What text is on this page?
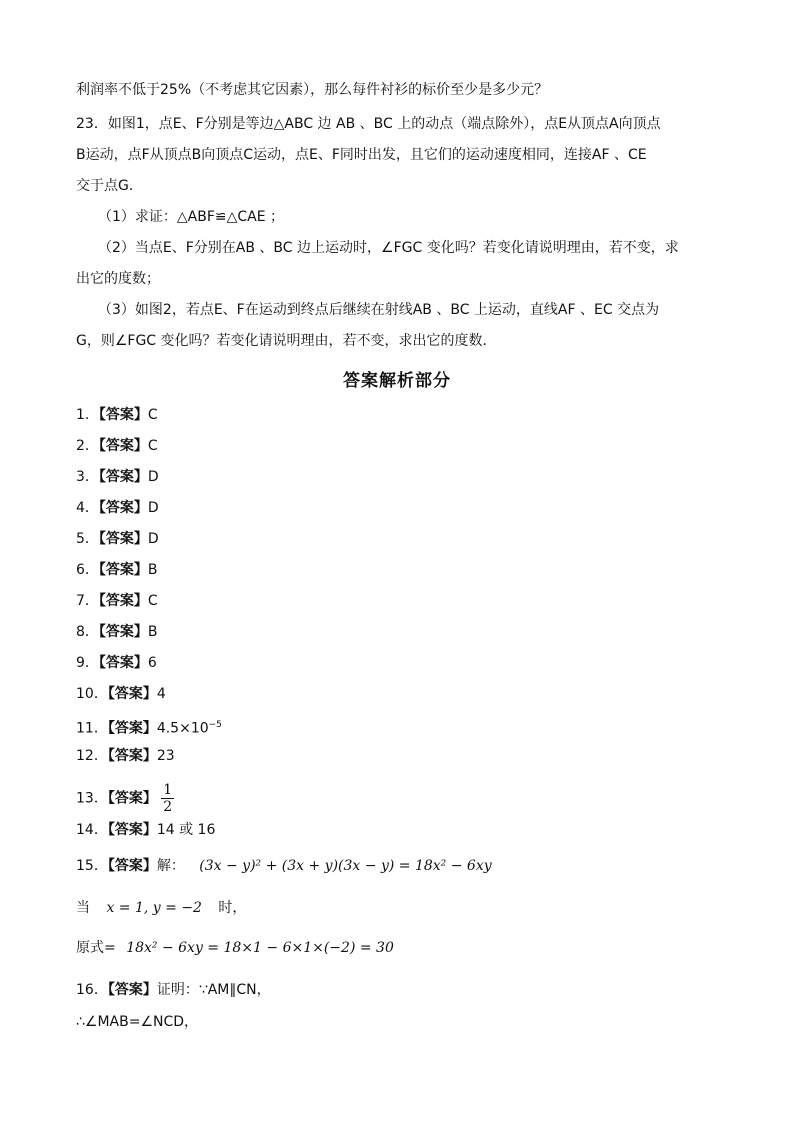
利润率不低于25%（不考虑其它因素），那么每件衬衫的标价至少是多少元？
23．如图1，点E、F分别是等边△ABC 边 AB 、BC 上的动点（端点除外），点E从顶点A向顶点
B运动，点F从顶点B向顶点C运动，点E、F同时出发，且它们的运动速度相同，连接AF 、CE
交于点G．
（1）求证：△ABF≌△CAE ；
（2）当点E、F分别在AB 、BC 边上运动时，∠FGC 变化吗？若变化请说明理由，若不变，求
出它的度数；
（3）如图2，若点E、F在运动到终点后继续在射线AB 、BC 上运动，直线AF 、EC 交点为
G，则∠FGC 变化吗？若变化请说明理由，若不变，求出它的度数．
答案解析部分
1．【答案】C
2．【答案】C
3．【答案】D
4．【答案】D
5．【答案】D
6．【答案】B
7．【答案】C
8．【答案】B
9．【答案】6
10．【答案】4
11．【答案】$4.5\times 10^{-5}$
12．【答案】23
13．【答案】 $\frac{1}{2}$
14．【答案】14 或 16
15．【答案】解： (3x − y)² + (3x + y)(3x − y) = 18x² − 6xy
当 x = 1, y = −2 时，
原式= 18x² − 6xy = 18×1 − 6×1×(−2) = 30
16．【答案】证明：∵AM∥CN，
∴∠MAB=∠NCD，
